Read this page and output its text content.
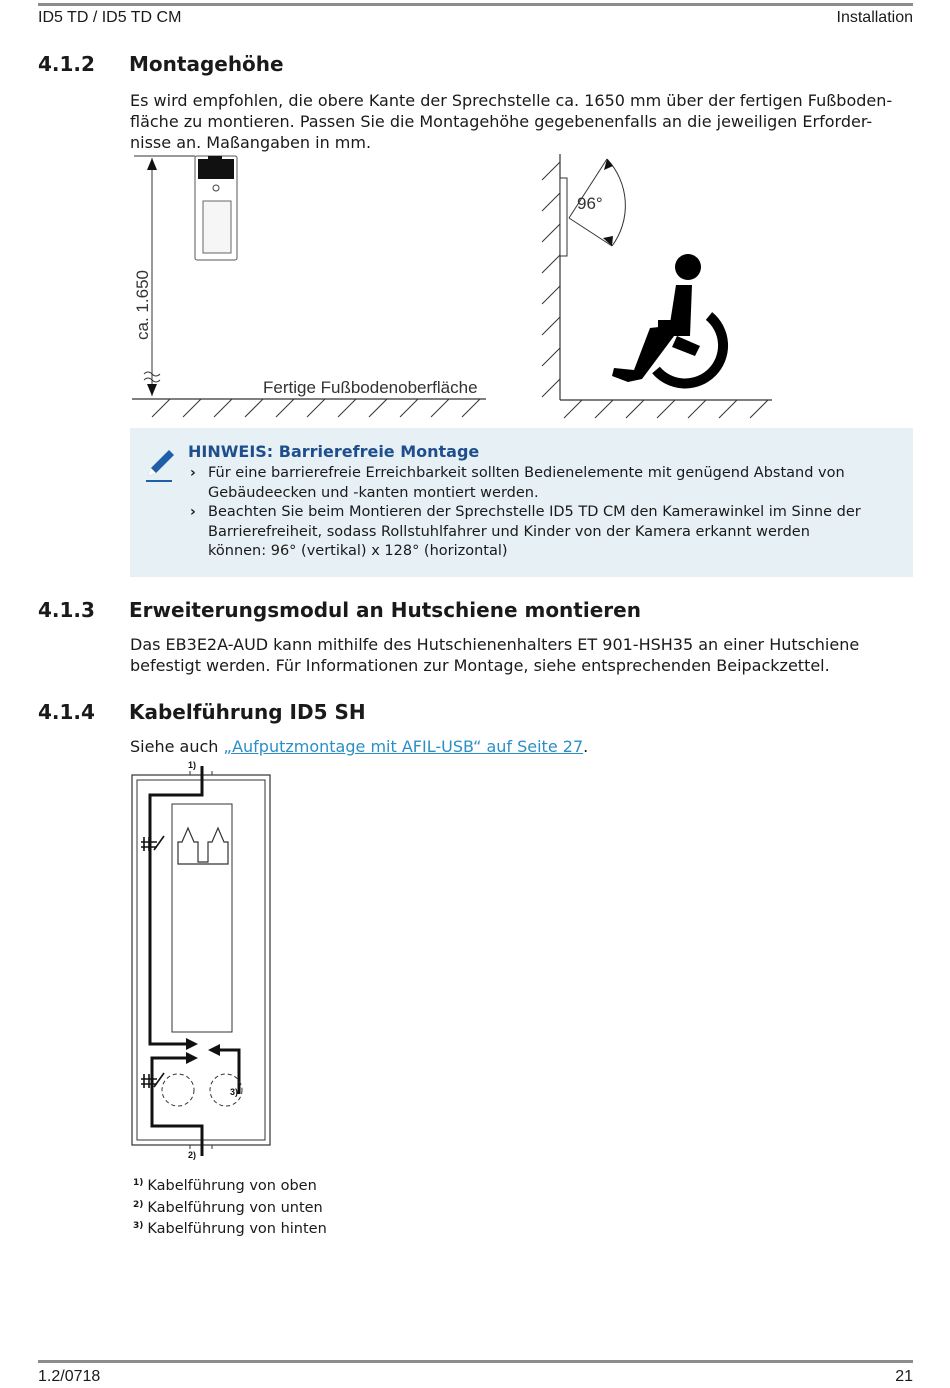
ID5 TD / ID5 TD CM	Installation
4.1.2 Montagehöhe
Es wird empfohlen, die obere Kante der Sprechstelle ca. 1650 mm über der fertigen Fußboden-
fläche zu montieren. Passen Sie die Montagehöhe gegebenenfalls an die jeweiligen Erforder-
nisse an. Maßangaben in mm.
ca. 1.650
Fertige Fußbodenoberfläche
96°
HINWEIS: Barrierefreie Montage
› Für eine barrierefreie Erreichbarkeit sollten Bedienelemente mit genügend Abstand von
Gebäudeecken und -kanten montiert werden.
› Beachten Sie beim Montieren der Sprechstelle ID5 TD CM den Kamerawinkel im Sinne der
Barrierefreiheit, sodass Rollstuhlfahrer und Kinder von der Kamera erkannt werden
können: 96° (vertikal) x 128° (horizontal)
4.1.3 Erweiterungsmodul an Hutschiene montieren
Das EB3E2A-AUD kann mithilfe des Hutschienenhalters ET 901-HSH35 an einer Hutschiene
befestigt werden. Für Informationen zur Montage, siehe entsprechenden Beipackzettel.
4.1.4 Kabelführung ID5 SH
Siehe auch „Aufputzmontage mit AFIL-USB“ auf Seite 27.
1)
2)
3)
$^{1)}$ Kabelführung von oben
$^{2)}$ Kabelführung von unten
$^{3)}$ Kabelführung von hinten
1.2/0718	21
